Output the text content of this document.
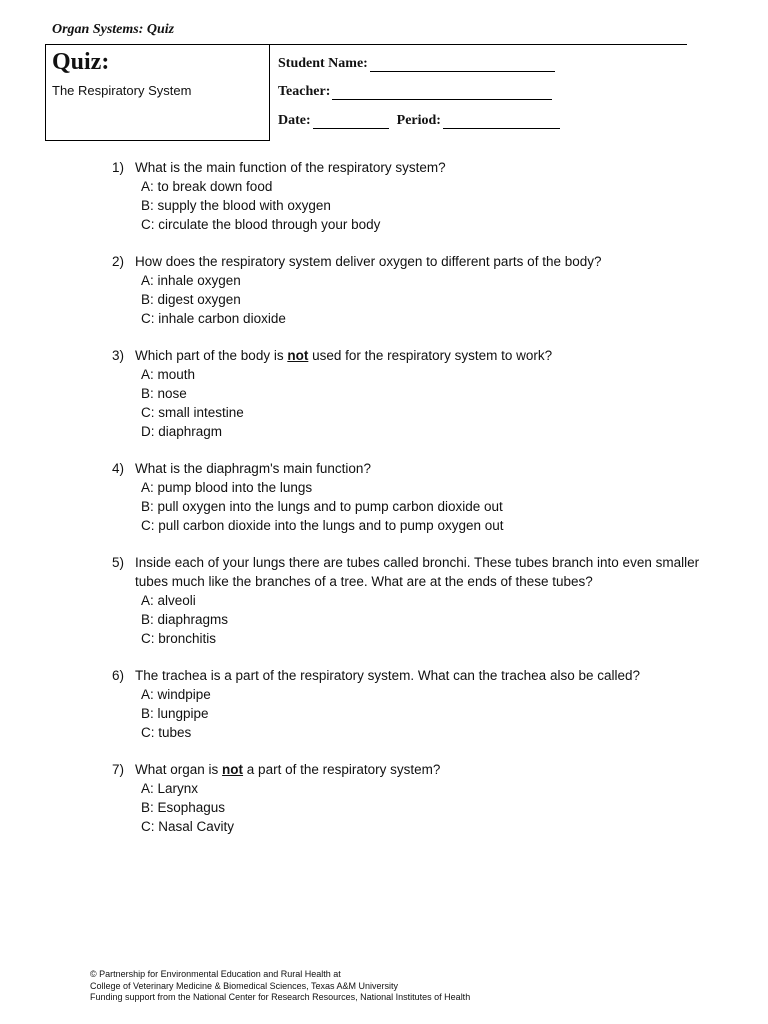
Organ Systems: Quiz
Quiz:
The Respiratory System
Student Name:
Teacher:
Date:	Period:
1) What is the main function of the respiratory system?
A: to break down food
B: supply the blood with oxygen
C: circulate the blood through your body
2) How does the respiratory system deliver oxygen to different parts of the body?
A: inhale oxygen
B: digest oxygen
C: inhale carbon dioxide
3) Which part of the body is not used for the respiratory system to work?
A: mouth
B: nose
C: small intestine
D: diaphragm
4) What is the diaphragm's main function?
A: pump blood into the lungs
B: pull oxygen into the lungs and to pump carbon dioxide out
C: pull carbon dioxide into the lungs and to pump oxygen out
5) Inside each of your lungs there are tubes called bronchi. These tubes branch into even smaller tubes much like the branches of a tree. What are at the ends of these tubes?
A: alveoli
B: diaphragms
C: bronchitis
6) The trachea is a part of the respiratory system. What can the trachea also be called?
A: windpipe
B: lungpipe
C: tubes
7) What organ is not a part of the respiratory system?
A: Larynx
B: Esophagus
C: Nasal Cavity
© Partnership for Environmental Education and Rural Health at
College of Veterinary Medicine & Biomedical Sciences, Texas A&M University
Funding support from the National Center for Research Resources, National Institutes of Health
